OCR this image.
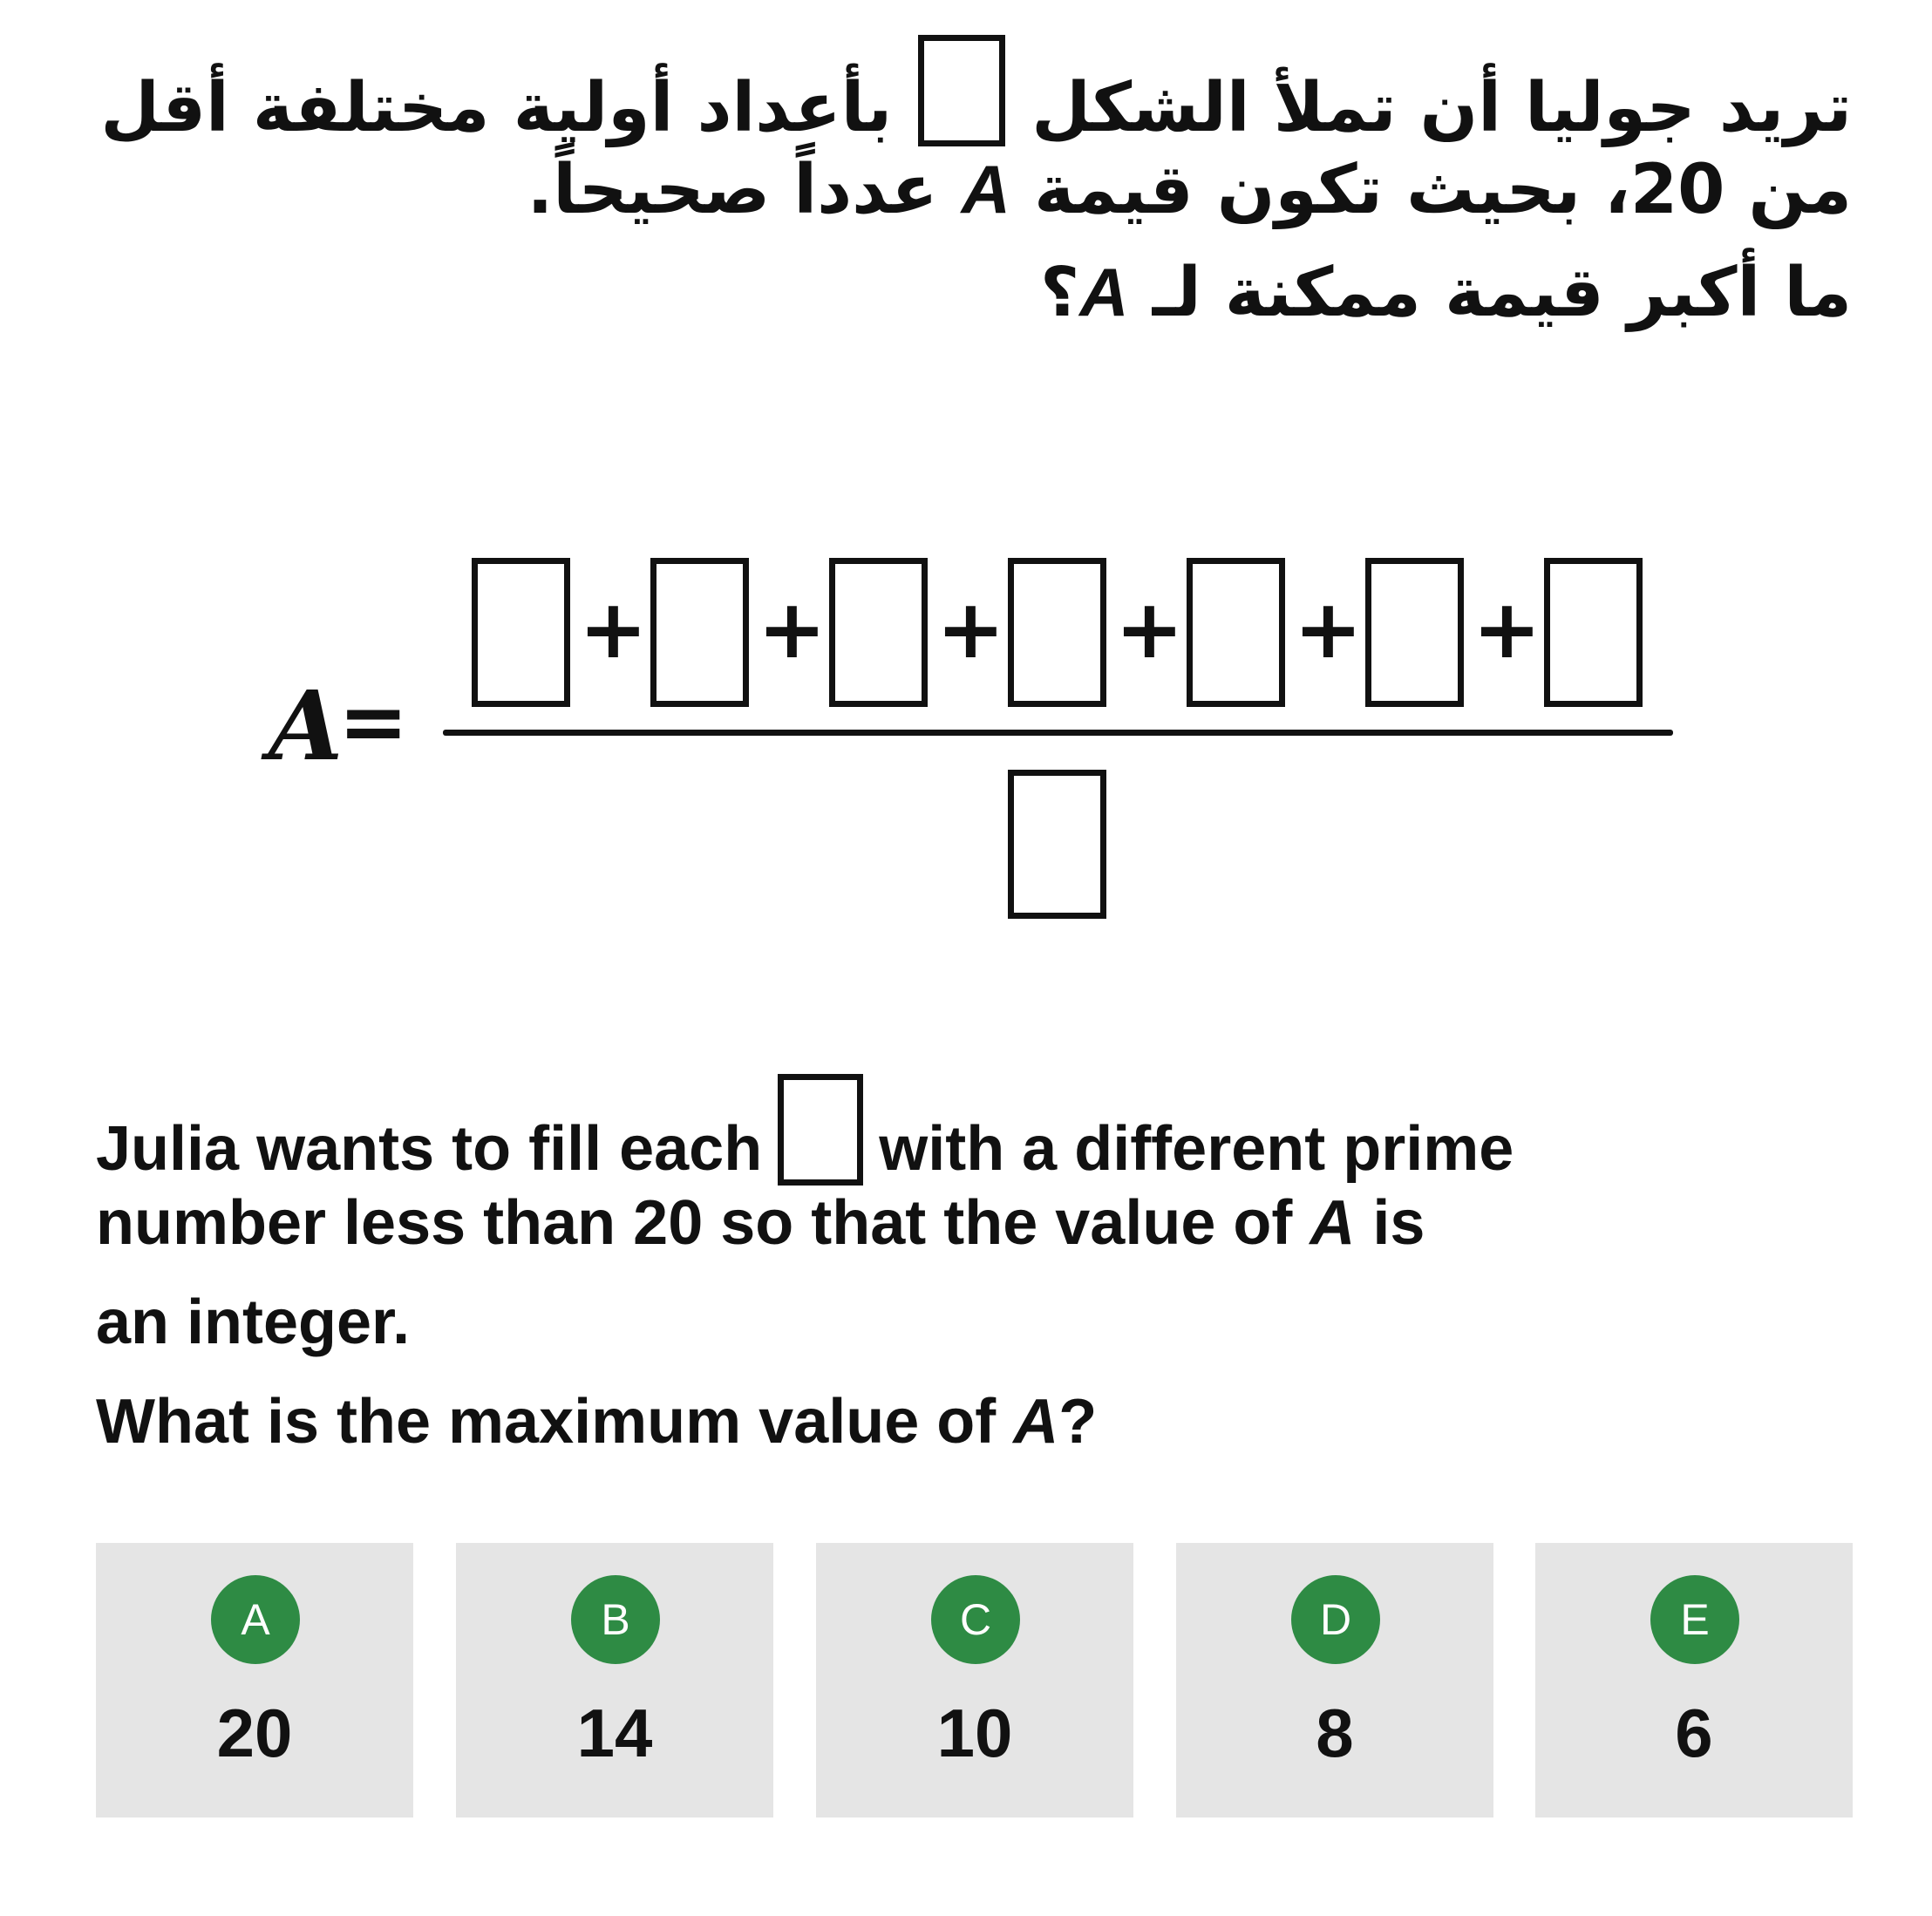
تريد جوليا أن تملأ الشكلبأعداد أولية مختلفة أقل
من 20، بحيث تكون قيمة A عدداً صحيحاً.
ما أكبر قيمة ممكنة لـ A؟
A
=
+ + + + + +
Julia wants to fill each with a different prime
number less than 20 so that the value of A is
an integer.
What is the maximum value of A?
A
20
B
14
C
10
D
8
E
6
